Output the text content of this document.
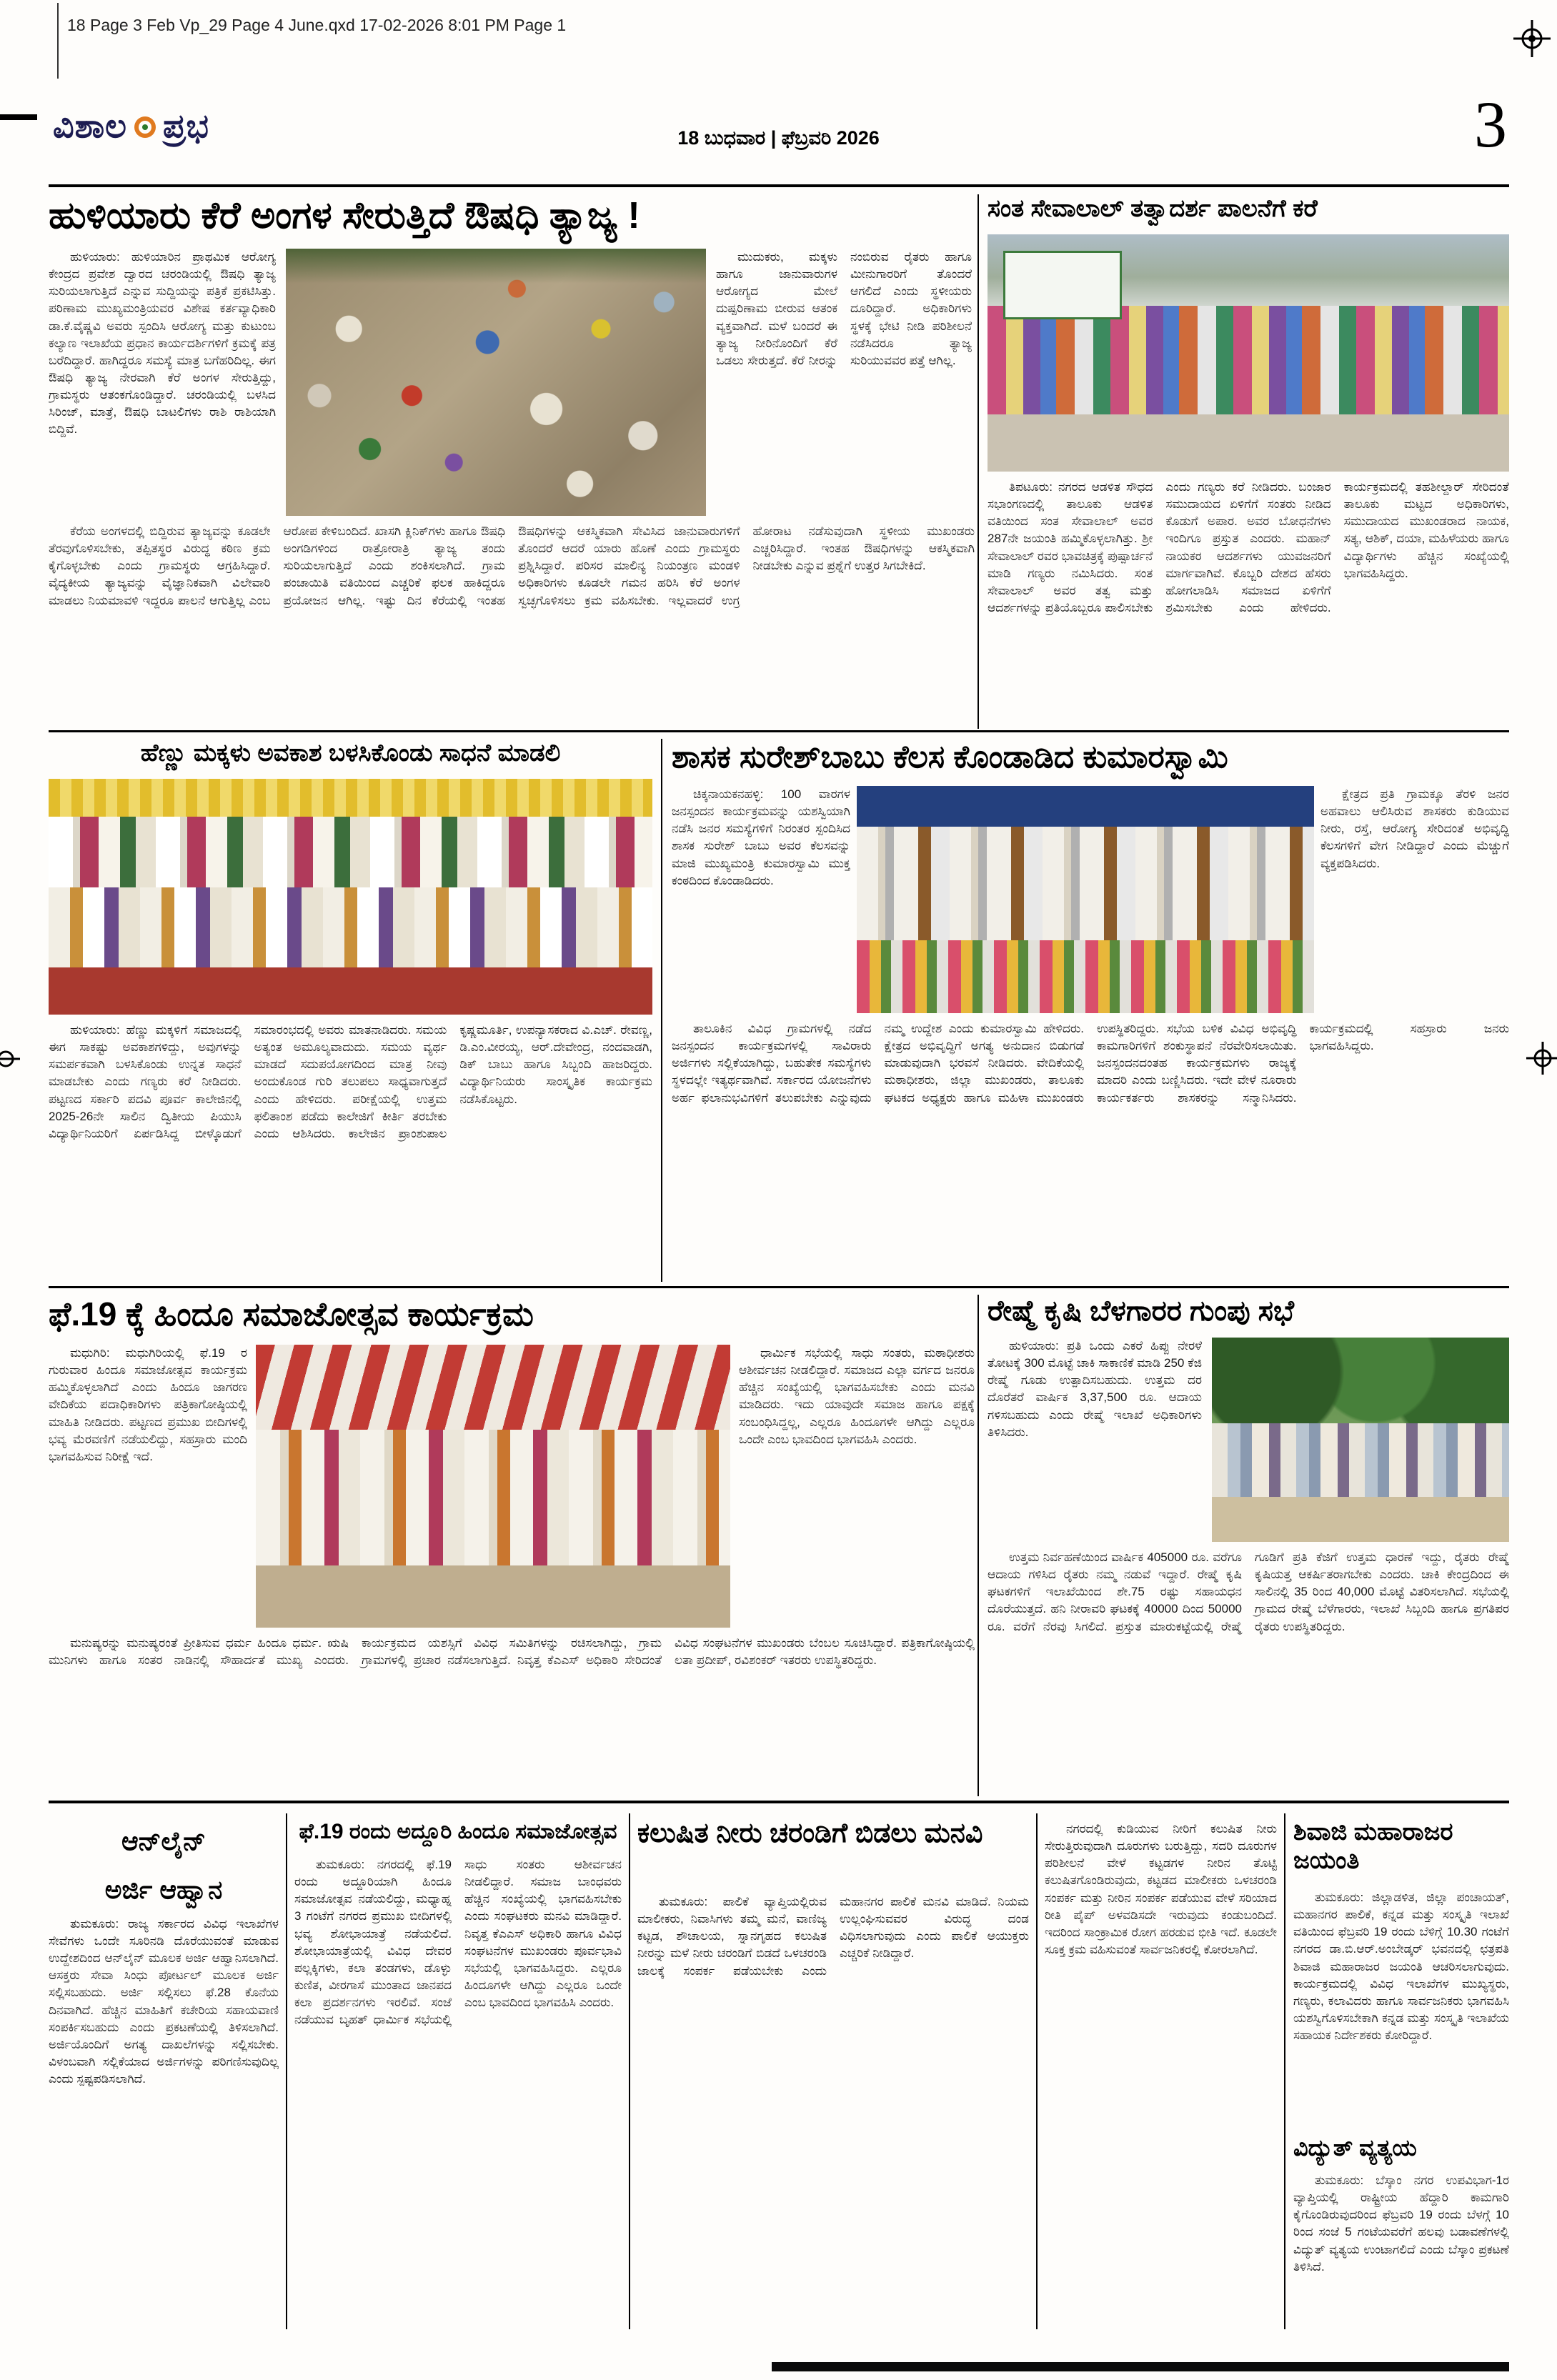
18 Page 3 Feb Vp_29 Page 4 June.qxd 17-02-2026 8:01 PM Page 1
ವಿಶಾಲ ಪ್ರಭ	18 ಬುಧವಾರ | ಫೆಬ್ರವರಿ 2026	3
ಹುಳಿಯಾರು ಕೆರೆ ಅಂಗಳ ಸೇರುತ್ತಿದೆ ಔಷಧಿ ತ್ಯಾಜ್ಯ !
ಹುಳಿಯಾರು: ಹುಳಿಯಾರಿನ ಪ್ರಾಥಮಿಕ ಆರೋಗ್ಯ ಕೇಂದ್ರದ ಪ್ರವೇಶ ದ್ವಾರದ ಚರಂಡಿಯಲ್ಲಿ ಔಷಧಿ ತ್ಯಾಜ್ಯ ಸುರಿಯಲಾಗುತ್ತಿದೆ ಎನ್ನುವ ಸುದ್ದಿಯನ್ನು ಪತ್ರಿಕೆ ಪ್ರಕಟಿಸಿತ್ತು. ಪರಿಣಾಮ ಮುಖ್ಯಮಂತ್ರಿಯವರ ವಿಶೇಷ ಕರ್ತವ್ಯಾಧಿಕಾರಿ ಡಾ.ಕೆ.ವೈಷ್ಣವಿ ಅವರು ಸ್ಪಂದಿಸಿ ಆರೋಗ್ಯ ಮತ್ತು ಕುಟುಂಬ ಕಲ್ಯಾಣ ಇಲಾಖೆಯ ಪ್ರಧಾನ ಕಾರ್ಯದರ್ಶಿಗಳಿಗೆ ಕ್ರಮಕ್ಕೆ ಪತ್ರ ಬರೆದಿದ್ದಾರೆ. ಹಾಗಿದ್ದರೂ ಸಮಸ್ಯೆ ಮಾತ್ರ ಬಗೆಹರಿದಿಲ್ಲ. ಈಗ ಔಷಧಿ ತ್ಯಾಜ್ಯ ನೇರವಾಗಿ ಕೆರೆ ಅಂಗಳ ಸೇರುತ್ತಿದ್ದು, ಗ್ರಾಮಸ್ಥರು ಆತಂಕಗೊಂಡಿದ್ದಾರೆ. ಚರಂಡಿಯಲ್ಲಿ ಬಳಸಿದ ಸಿರಿಂಜ್, ಮಾತ್ರೆ, ಔಷಧಿ ಬಾಟಲಿಗಳು ರಾಶಿ ರಾಶಿಯಾಗಿ ಬಿದ್ದಿವೆ.
ಮುದುಕರು, ಮಕ್ಕಳು ಹಾಗೂ ಜಾನುವಾರುಗಳ ಆರೋಗ್ಯದ ಮೇಲೆ ದುಷ್ಪರಿಣಾಮ ಬೀರುವ ಆತಂಕ ವ್ಯಕ್ತವಾಗಿದೆ. ಮಳೆ ಬಂದರೆ ಈ ತ್ಯಾಜ್ಯ ನೀರಿನೊಂದಿಗೆ ಕೆರೆ ಒಡಲು ಸೇರುತ್ತದೆ. ಕೆರೆ ನೀರನ್ನು ನಂಬಿರುವ ರೈತರು ಹಾಗೂ ಮೀನುಗಾರರಿಗೆ ತೊಂದರೆ ಆಗಲಿದೆ ಎಂದು ಸ್ಥಳೀಯರು ದೂರಿದ್ದಾರೆ. ಅಧಿಕಾರಿಗಳು ಸ್ಥಳಕ್ಕೆ ಭೇಟಿ ನೀಡಿ ಪರಿಶೀಲನೆ ನಡೆಸಿದರೂ ತ್ಯಾಜ್ಯ ಸುರಿಯುವವರ ಪತ್ತೆ ಆಗಿಲ್ಲ.
ಕೆರೆಯ ಅಂಗಳದಲ್ಲಿ ಬಿದ್ದಿರುವ ತ್ಯಾಜ್ಯವನ್ನು ಕೂಡಲೇ ತೆರವುಗೊಳಿಸಬೇಕು, ತಪ್ಪಿತಸ್ಥರ ವಿರುದ್ಧ ಕಠಿಣ ಕ್ರಮ ಕೈಗೊಳ್ಳಬೇಕು ಎಂದು ಗ್ರಾಮಸ್ಥರು ಆಗ್ರಹಿಸಿದ್ದಾರೆ. ವೈದ್ಯಕೀಯ ತ್ಯಾಜ್ಯವನ್ನು ವೈಜ್ಞಾನಿಕವಾಗಿ ವಿಲೇವಾರಿ ಮಾಡಲು ನಿಯಮಾವಳಿ ಇದ್ದರೂ ಪಾಲನೆ ಆಗುತ್ತಿಲ್ಲ ಎಂಬ ಆರೋಪ ಕೇಳಿಬಂದಿದೆ. ಖಾಸಗಿ ಕ್ಲಿನಿಕ್‌ಗಳು ಹಾಗೂ ಔಷಧಿ ಅಂಗಡಿಗಳಿಂದ ರಾತ್ರೋರಾತ್ರಿ ತ್ಯಾಜ್ಯ ತಂದು ಸುರಿಯಲಾಗುತ್ತಿದೆ ಎಂದು ಶಂಕಿಸಲಾಗಿದೆ. ಗ್ರಾಮ ಪಂಚಾಯಿತಿ ವತಿಯಿಂದ ಎಚ್ಚರಿಕೆ ಫಲಕ ಹಾಕಿದ್ದರೂ ಪ್ರಯೋಜನ ಆಗಿಲ್ಲ. ಇಷ್ಟು ದಿನ ಕೆರೆಯಲ್ಲಿ ಇಂತಹ ಔಷಧಿಗಳನ್ನು ಆಕಸ್ಮಿಕವಾಗಿ ಸೇವಿಸಿದ ಜಾನುವಾರುಗಳಿಗೆ ತೊಂದರೆ ಆದರೆ ಯಾರು ಹೊಣೆ ಎಂದು ಗ್ರಾಮಸ್ಥರು ಪ್ರಶ್ನಿಸಿದ್ದಾರೆ. ಪರಿಸರ ಮಾಲಿನ್ಯ ನಿಯಂತ್ರಣ ಮಂಡಳಿ ಅಧಿಕಾರಿಗಳು ಕೂಡಲೇ ಗಮನ ಹರಿಸಿ ಕೆರೆ ಅಂಗಳ ಸ್ವಚ್ಛಗೊಳಿಸಲು ಕ್ರಮ ವಹಿಸಬೇಕು. ಇಲ್ಲವಾದರೆ ಉಗ್ರ ಹೋರಾಟ ನಡೆಸುವುದಾಗಿ ಸ್ಥಳೀಯ ಮುಖಂಡರು ಎಚ್ಚರಿಸಿದ್ದಾರೆ. ಇಂತಹ ಔಷಧಿಗಳನ್ನು ಆಕಸ್ಮಿಕವಾಗಿ ನೀಡಬೇಕು ಎನ್ನುವ ಪ್ರಶ್ನೆಗೆ ಉತ್ತರ ಸಿಗಬೇಕಿದೆ.
ಸಂತ ಸೇವಾಲಾಲ್ ತತ್ವಾದರ್ಶ ಪಾಲನೆಗೆ ಕರೆ
ತಿಪಟೂರು: ನಗರದ ಆಡಳಿತ ಸೌಧದ ಸಭಾಂಗಣದಲ್ಲಿ ತಾಲೂಕು ಆಡಳಿತ ವತಿಯಿಂದ ಸಂತ ಸೇವಾಲಾಲ್ ಅವರ 287ನೇ ಜಯಂತಿ ಹಮ್ಮಿಕೊಳ್ಳಲಾಗಿತ್ತು. ಶ್ರೀ ಸೇವಾಲಾಲ್ ರವರ ಭಾವಚಿತ್ರಕ್ಕೆ ಪುಷ್ಪಾರ್ಚನೆ ಮಾಡಿ ಗಣ್ಯರು ನಮಿಸಿದರು. ಸಂತ ಸೇವಾಲಾಲ್ ಅವರ ತತ್ವ ಮತ್ತು ಆದರ್ಶಗಳನ್ನು ಪ್ರತಿಯೊಬ್ಬರೂ ಪಾಲಿಸಬೇಕು ಎಂದು ಗಣ್ಯರು ಕರೆ ನೀಡಿದರು. ಬಂಜಾರ ಸಮುದಾಯದ ಏಳಿಗೆಗೆ ಸಂತರು ನೀಡಿದ ಕೊಡುಗೆ ಅಪಾರ. ಅವರ ಬೋಧನೆಗಳು ಇಂದಿಗೂ ಪ್ರಸ್ತುತ ಎಂದರು. ಮಹಾನ್ ನಾಯಕರ ಆದರ್ಶಗಳು ಯುವಜನರಿಗೆ ಮಾರ್ಗವಾಗಿವೆ. ಕೊಬ್ಬರಿ ದೇಶದ ಹೆಸರು ಹೋಗಲಾಡಿಸಿ ಸಮಾಜದ ಏಳಿಗೆಗೆ ಶ್ರಮಿಸಬೇಕು ಎಂದು ಹೇಳಿದರು. ಕಾರ್ಯಕ್ರಮದಲ್ಲಿ ತಹಶೀಲ್ದಾರ್ ಸೇರಿದಂತೆ ತಾಲೂಕು ಮಟ್ಟದ ಅಧಿಕಾರಿಗಳು, ಸಮುದಾಯದ ಮುಖಂಡರಾದ ನಾಯಕ, ಸತ್ಯ, ಆಶಿಕ್, ದಯಾ, ಮಹಿಳೆಯರು ಹಾಗೂ ವಿದ್ಯಾರ್ಥಿಗಳು ಹೆಚ್ಚಿನ ಸಂಖ್ಯೆಯಲ್ಲಿ ಭಾಗವಹಿಸಿದ್ದರು.
ಹೆಣ್ಣು ಮಕ್ಕಳು ಅವಕಾಶ ಬಳಸಿಕೊಂಡು ಸಾಧನೆ ಮಾಡಲಿ
ಹುಳಿಯಾರು: ಹೆಣ್ಣು ಮಕ್ಕಳಿಗೆ ಸಮಾಜದಲ್ಲಿ ಈಗ ಸಾಕಷ್ಟು ಅವಕಾಶಗಳಿದ್ದು, ಅವುಗಳನ್ನು ಸಮರ್ಪಕವಾಗಿ ಬಳಸಿಕೊಂಡು ಉನ್ನತ ಸಾಧನೆ ಮಾಡಬೇಕು ಎಂದು ಗಣ್ಯರು ಕರೆ ನೀಡಿದರು. ಪಟ್ಟಣದ ಸರ್ಕಾರಿ ಪದವಿ ಪೂರ್ವ ಕಾಲೇಜಿನಲ್ಲಿ 2025-26ನೇ ಸಾಲಿನ ದ್ವಿತೀಯ ಪಿಯುಸಿ ವಿದ್ಯಾರ್ಥಿನಿಯರಿಗೆ ಏರ್ಪಡಿಸಿದ್ದ ಬೀಳ್ಕೊಡುಗೆ ಸಮಾರಂಭದಲ್ಲಿ ಅವರು ಮಾತನಾಡಿದರು. ಸಮಯ ಅತ್ಯಂತ ಅಮೂಲ್ಯವಾದುದು. ಸಮಯ ವ್ಯರ್ಥ ಮಾಡದೆ ಸದುಪಯೋಗದಿಂದ ಮಾತ್ರ ನೀವು ಅಂದುಕೊಂಡ ಗುರಿ ತಲುಪಲು ಸಾಧ್ಯವಾಗುತ್ತದೆ ಎಂದು ಹೇಳಿದರು. ಪರೀಕ್ಷೆಯಲ್ಲಿ ಉತ್ತಮ ಫಲಿತಾಂಶ ಪಡೆದು ಕಾಲೇಜಿಗೆ ಕೀರ್ತಿ ತರಬೇಕು ಎಂದು ಆಶಿಸಿದರು. ಕಾಲೇಜಿನ ಪ್ರಾಂಶುಪಾಲ ಕೃಷ್ಣಮೂರ್ತಿ, ಉಪನ್ಯಾಸಕರಾದ ವಿ.ಎಚ್. ರೇವಣ್ಣ, ಡಿ.ಎಂ.ವೀರಯ್ಯ, ಆರ್.ದೇವೇಂದ್ರ, ನಂದವಾಡಗಿ, ಡಿಕ್ ಬಾಬು ಹಾಗೂ ಸಿಬ್ಬಂದಿ ಹಾಜರಿದ್ದರು. ವಿದ್ಯಾರ್ಥಿನಿಯರು ಸಾಂಸ್ಕೃತಿಕ ಕಾರ್ಯಕ್ರಮ ನಡೆಸಿಕೊಟ್ಟರು.
ಶಾಸಕ ಸುರೇಶ್‌ಬಾಬು ಕೆಲಸ ಕೊಂಡಾಡಿದ ಕುಮಾರಸ್ವಾಮಿ
ಚಿಕ್ಕನಾಯಕನಹಳ್ಳಿ: 100 ವಾರಗಳ ಜನಸ್ಪಂದನ ಕಾರ್ಯಕ್ರಮವನ್ನು ಯಶಸ್ವಿಯಾಗಿ ನಡೆಸಿ ಜನರ ಸಮಸ್ಯೆಗಳಿಗೆ ನಿರಂತರ ಸ್ಪಂದಿಸಿದ ಶಾಸಕ ಸುರೇಶ್ ಬಾಬು ಅವರ ಕೆಲಸವನ್ನು ಮಾಜಿ ಮುಖ್ಯಮಂತ್ರಿ ಕುಮಾರಸ್ವಾಮಿ ಮುಕ್ತ ಕಂಠದಿಂದ ಕೊಂಡಾಡಿದರು.
ಕ್ಷೇತ್ರದ ಪ್ರತಿ ಗ್ರಾಮಕ್ಕೂ ತೆರಳಿ ಜನರ ಅಹವಾಲು ಆಲಿಸಿರುವ ಶಾಸಕರು ಕುಡಿಯುವ ನೀರು, ರಸ್ತೆ, ಆರೋಗ್ಯ ಸೇರಿದಂತೆ ಅಭಿವೃದ್ಧಿ ಕೆಲಸಗಳಿಗೆ ವೇಗ ನೀಡಿದ್ದಾರೆ ಎಂದು ಮೆಚ್ಚುಗೆ ವ್ಯಕ್ತಪಡಿಸಿದರು.
ತಾಲೂಕಿನ ವಿವಿಧ ಗ್ರಾಮಗಳಲ್ಲಿ ನಡೆದ ಜನಸ್ಪಂದನ ಕಾರ್ಯಕ್ರಮಗಳಲ್ಲಿ ಸಾವಿರಾರು ಅರ್ಜಿಗಳು ಸಲ್ಲಿಕೆಯಾಗಿದ್ದು, ಬಹುತೇಕ ಸಮಸ್ಯೆಗಳು ಸ್ಥಳದಲ್ಲೇ ಇತ್ಯರ್ಥವಾಗಿವೆ. ಸರ್ಕಾರದ ಯೋಜನೆಗಳು ಅರ್ಹ ಫಲಾನುಭವಿಗಳಿಗೆ ತಲುಪಬೇಕು ಎನ್ನುವುದು ನಮ್ಮ ಉದ್ದೇಶ ಎಂದು ಕುಮಾರಸ್ವಾಮಿ ಹೇಳಿದರು. ಕ್ಷೇತ್ರದ ಅಭಿವೃದ್ಧಿಗೆ ಅಗತ್ಯ ಅನುದಾನ ಬಿಡುಗಡೆ ಮಾಡುವುದಾಗಿ ಭರವಸೆ ನೀಡಿದರು. ವೇದಿಕೆಯಲ್ಲಿ ಮಠಾಧೀಶರು, ಜಿಲ್ಲಾ ಮುಖಂಡರು, ತಾಲೂಕು ಘಟಕದ ಅಧ್ಯಕ್ಷರು ಹಾಗೂ ಮಹಿಳಾ ಮುಖಂಡರು ಉಪಸ್ಥಿತರಿದ್ದರು. ಸಭೆಯ ಬಳಿಕ ವಿವಿಧ ಅಭಿವೃದ್ಧಿ ಕಾಮಗಾರಿಗಳಿಗೆ ಶಂಕುಸ್ಥಾಪನೆ ನೆರವೇರಿಸಲಾಯಿತು. ಜನಸ್ಪಂದನದಂತಹ ಕಾರ್ಯಕ್ರಮಗಳು ರಾಜ್ಯಕ್ಕೆ ಮಾದರಿ ಎಂದು ಬಣ್ಣಿಸಿದರು. ಇದೇ ವೇಳೆ ನೂರಾರು ಕಾರ್ಯಕರ್ತರು ಶಾಸಕರನ್ನು ಸನ್ಮಾನಿಸಿದರು. ಕಾರ್ಯಕ್ರಮದಲ್ಲಿ ಸಹಸ್ರಾರು ಜನರು ಭಾಗವಹಿಸಿದ್ದರು.
ಫೆ.19 ಕ್ಕೆ ಹಿಂದೂ ಸಮಾಜೋತ್ಸವ ಕಾರ್ಯಕ್ರಮ
ಮಧುಗಿರಿ: ಮಧುಗಿರಿಯಲ್ಲಿ ಫೆ.19 ರ ಗುರುವಾರ ಹಿಂದೂ ಸಮಾಜೋತ್ಸವ ಕಾರ್ಯಕ್ರಮ ಹಮ್ಮಿಕೊಳ್ಳಲಾಗಿದೆ ಎಂದು ಹಿಂದೂ ಜಾಗರಣ ವೇದಿಕೆಯ ಪದಾಧಿಕಾರಿಗಳು ಪತ್ರಿಕಾಗೋಷ್ಠಿಯಲ್ಲಿ ಮಾಹಿತಿ ನೀಡಿದರು. ಪಟ್ಟಣದ ಪ್ರಮುಖ ಬೀದಿಗಳಲ್ಲಿ ಭವ್ಯ ಮೆರವಣಿಗೆ ನಡೆಯಲಿದ್ದು, ಸಹಸ್ರಾರು ಮಂದಿ ಭಾಗವಹಿಸುವ ನಿರೀಕ್ಷೆ ಇದೆ.
ಧಾರ್ಮಿಕ ಸಭೆಯಲ್ಲಿ ಸಾಧು ಸಂತರು, ಮಠಾಧೀಶರು ಆಶೀರ್ವಚನ ನೀಡಲಿದ್ದಾರೆ. ಸಮಾಜದ ಎಲ್ಲಾ ವರ್ಗದ ಜನರೂ ಹೆಚ್ಚಿನ ಸಂಖ್ಯೆಯಲ್ಲಿ ಭಾಗವಹಿಸಬೇಕು ಎಂದು ಮನವಿ ಮಾಡಿದರು. ಇದು ಯಾವುದೇ ಸಮಾಜ ಹಾಗೂ ಪಕ್ಷಕ್ಕೆ ಸಂಬಂಧಿಸಿದ್ದಲ್ಲ, ಎಲ್ಲರೂ ಹಿಂದೂಗಳೇ ಆಗಿದ್ದು ಎಲ್ಲರೂ ಒಂದೇ ಎಂಬ ಭಾವದಿಂದ ಭಾಗವಹಿಸಿ ಎಂದರು.
ಮನುಷ್ಯರನ್ನು ಮನುಷ್ಯರಂತೆ ಪ್ರೀತಿಸುವ ಧರ್ಮ ಹಿಂದೂ ಧರ್ಮ. ಋಷಿ ಮುನಿಗಳು ಹಾಗೂ ಸಂತರ ನಾಡಿನಲ್ಲಿ ಸೌಹಾರ್ದತೆ ಮುಖ್ಯ ಎಂದರು. ಕಾರ್ಯಕ್ರಮದ ಯಶಸ್ಸಿಗೆ ವಿವಿಧ ಸಮಿತಿಗಳನ್ನು ರಚಿಸಲಾಗಿದ್ದು, ಗ್ರಾಮ ಗ್ರಾಮಗಳಲ್ಲಿ ಪ್ರಚಾರ ನಡೆಸಲಾಗುತ್ತಿದೆ. ನಿವೃತ್ತ ಕೆಎಎಸ್ ಅಧಿಕಾರಿ ಸೇರಿದಂತೆ ವಿವಿಧ ಸಂಘಟನೆಗಳ ಮುಖಂಡರು ಬೆಂಬಲ ಸೂಚಿಸಿದ್ದಾರೆ. ಪತ್ರಿಕಾಗೋಷ್ಠಿಯಲ್ಲಿ ಲತಾ ಪ್ರದೀಪ್, ರವಿಶಂಕರ್ ಇತರರು ಉಪಸ್ಥಿತರಿದ್ದರು.
ರೇಷ್ಮೆ ಕೃಷಿ ಬೆಳಗಾರರ ಗುಂಪು ಸಭೆ
ಹುಳಿಯಾರು: ಪ್ರತಿ ಒಂದು ಎಕರೆ ಹಿಪ್ಪು ನೇರಳೆ ತೋಟಕ್ಕೆ 300 ಮೊಟ್ಟೆ ಚಾಕಿ ಸಾಕಾಣಿಕೆ ಮಾಡಿ 250 ಕೆಜಿ ರೇಷ್ಮೆ ಗೂಡು ಉತ್ಪಾದಿಸಬಹುದು. ಉತ್ತಮ ದರ ದೊರೆತರೆ ವಾರ್ಷಿಕ 3,37,500 ರೂ. ಆದಾಯ ಗಳಿಸಬಹುದು ಎಂದು ರೇಷ್ಮೆ ಇಲಾಖೆ ಅಧಿಕಾರಿಗಳು ತಿಳಿಸಿದರು.
ಉತ್ತಮ ನಿರ್ವಹಣೆಯಿಂದ ವಾರ್ಷಿಕ 405000 ರೂ. ವರೆಗೂ ಆದಾಯ ಗಳಿಸಿದ ರೈತರು ನಮ್ಮ ನಡುವೆ ಇದ್ದಾರೆ. ರೇಷ್ಮೆ ಕೃಷಿ ಘಟಕಗಳಿಗೆ ಇಲಾಖೆಯಿಂದ ಶೇ.75 ರಷ್ಟು ಸಹಾಯಧನ ದೊರೆಯುತ್ತದೆ. ಹನಿ ನೀರಾವರಿ ಘಟಕಕ್ಕೆ 40000 ದಿಂದ 50000 ರೂ. ವರೆಗೆ ನೆರವು ಸಿಗಲಿದೆ. ಪ್ರಸ್ತುತ ಮಾರುಕಟ್ಟೆಯಲ್ಲಿ ರೇಷ್ಮೆ ಗೂಡಿಗೆ ಪ್ರತಿ ಕೆಜಿಗೆ ಉತ್ತಮ ಧಾರಣೆ ಇದ್ದು, ರೈತರು ರೇಷ್ಮೆ ಕೃಷಿಯತ್ತ ಆಕರ್ಷಿತರಾಗಬೇಕು ಎಂದರು. ಚಾಕಿ ಕೇಂದ್ರದಿಂದ ಈ ಸಾಲಿನಲ್ಲಿ 35 ರಿಂದ 40,000 ಮೊಟ್ಟೆ ವಿತರಿಸಲಾಗಿದೆ. ಸಭೆಯಲ್ಲಿ ಗ್ರಾಮದ ರೇಷ್ಮೆ ಬೆಳೆಗಾರರು, ಇಲಾಖೆ ಸಿಬ್ಬಂದಿ ಹಾಗೂ ಪ್ರಗತಿಪರ ರೈತರು ಉಪಸ್ಥಿತರಿದ್ದರು.
ಆನ್‌ಲೈನ್
ಅರ್ಜಿ ಆಹ್ವಾನ
ತುಮಕೂರು: ರಾಜ್ಯ ಸರ್ಕಾರದ ವಿವಿಧ ಇಲಾಖೆಗಳ ಸೇವೆಗಳು ಒಂದೇ ಸೂರಿನಡಿ ದೊರೆಯುವಂತೆ ಮಾಡುವ ಉದ್ದೇಶದಿಂದ ಆನ್‌ಲೈನ್ ಮೂಲಕ ಅರ್ಜಿ ಆಹ್ವಾನಿಸಲಾಗಿದೆ. ಆಸಕ್ತರು ಸೇವಾ ಸಿಂಧು ಪೋರ್ಟಲ್ ಮೂಲಕ ಅರ್ಜಿ ಸಲ್ಲಿಸಬಹುದು. ಅರ್ಜಿ ಸಲ್ಲಿಸಲು ಫೆ.28 ಕೊನೆಯ ದಿನವಾಗಿದೆ. ಹೆಚ್ಚಿನ ಮಾಹಿತಿಗೆ ಕಚೇರಿಯ ಸಹಾಯವಾಣಿ ಸಂಪರ್ಕಿಸಬಹುದು ಎಂದು ಪ್ರಕಟಣೆಯಲ್ಲಿ ತಿಳಿಸಲಾಗಿದೆ. ಅರ್ಜಿಯೊಂದಿಗೆ ಅಗತ್ಯ ದಾಖಲೆಗಳನ್ನು ಸಲ್ಲಿಸಬೇಕು. ವಿಳಂಬವಾಗಿ ಸಲ್ಲಿಕೆಯಾದ ಅರ್ಜಿಗಳನ್ನು ಪರಿಗಣಿಸುವುದಿಲ್ಲ ಎಂದು ಸ್ಪಷ್ಟಪಡಿಸಲಾಗಿದೆ.
ಫೆ.19 ರಂದು ಅದ್ದೂರಿ ಹಿಂದೂ ಸಮಾಜೋತ್ಸವ
ತುಮಕೂರು: ನಗರದಲ್ಲಿ ಫೆ.19 ರಂದು ಅದ್ದೂರಿಯಾಗಿ ಹಿಂದೂ ಸಮಾಜೋತ್ಸವ ನಡೆಯಲಿದ್ದು, ಮಧ್ಯಾಹ್ನ 3 ಗಂಟೆಗೆ ನಗರದ ಪ್ರಮುಖ ಬೀದಿಗಳಲ್ಲಿ ಭವ್ಯ ಶೋಭಾಯಾತ್ರೆ ನಡೆಯಲಿದೆ. ಶೋಭಾಯಾತ್ರೆಯಲ್ಲಿ ವಿವಿಧ ದೇವರ ಪಲ್ಲಕ್ಕಿಗಳು, ಕಲಾ ತಂಡಗಳು, ಡೊಳ್ಳು ಕುಣಿತ, ವೀರಗಾಸೆ ಮುಂತಾದ ಜಾನಪದ ಕಲಾ ಪ್ರದರ್ಶನಗಳು ಇರಲಿವೆ. ಸಂಜೆ ನಡೆಯುವ ಬೃಹತ್ ಧಾರ್ಮಿಕ ಸಭೆಯಲ್ಲಿ ಸಾಧು ಸಂತರು ಆಶೀರ್ವಚನ ನೀಡಲಿದ್ದಾರೆ. ಸಮಾಜ ಬಾಂಧವರು ಹೆಚ್ಚಿನ ಸಂಖ್ಯೆಯಲ್ಲಿ ಭಾಗವಹಿಸಬೇಕು ಎಂದು ಸಂಘಟಕರು ಮನವಿ ಮಾಡಿದ್ದಾರೆ. ನಿವೃತ್ತ ಕೆಎಎಸ್ ಅಧಿಕಾರಿ ಹಾಗೂ ವಿವಿಧ ಸಂಘಟನೆಗಳ ಮುಖಂಡರು ಪೂರ್ವಭಾವಿ ಸಭೆಯಲ್ಲಿ ಭಾಗವಹಿಸಿದ್ದರು. ಎಲ್ಲರೂ ಹಿಂದೂಗಳೇ ಆಗಿದ್ದು ಎಲ್ಲರೂ ಒಂದೇ ಎಂಬ ಭಾವದಿಂದ ಭಾಗವಹಿಸಿ ಎಂದರು.
ಕಲುಷಿತ ನೀರು ಚರಂಡಿಗೆ ಬಿಡಲು ಮನವಿ
ತುಮಕೂರು: ಪಾಲಿಕೆ ವ್ಯಾಪ್ತಿಯಲ್ಲಿರುವ ಮಾಲೀಕರು, ನಿವಾಸಿಗಳು ತಮ್ಮ ಮನೆ, ವಾಣಿಜ್ಯ ಕಟ್ಟಡ, ಶೌಚಾಲಯ, ಸ್ನಾನಗೃಹದ ಕಲುಷಿತ ನೀರನ್ನು ಮಳೆ ನೀರು ಚರಂಡಿಗೆ ಬಿಡದೆ ಒಳಚರಂಡಿ ಜಾಲಕ್ಕೆ ಸಂಪರ್ಕ ಪಡೆಯಬೇಕು ಎಂದು ಮಹಾನಗರ ಪಾಲಿಕೆ ಮನವಿ ಮಾಡಿದೆ. ನಿಯಮ ಉಲ್ಲಂಘಿಸುವವರ ವಿರುದ್ಧ ದಂಡ ವಿಧಿಸಲಾಗುವುದು ಎಂದು ಪಾಲಿಕೆ ಆಯುಕ್ತರು ಎಚ್ಚರಿಕೆ ನೀಡಿದ್ದಾರೆ.
ನಗರದಲ್ಲಿ ಕುಡಿಯುವ ನೀರಿಗೆ ಕಲುಷಿತ ನೀರು ಸೇರುತ್ತಿರುವುದಾಗಿ ದೂರುಗಳು ಬರುತ್ತಿದ್ದು, ಸದರಿ ದೂರುಗಳ ಪರಿಶೀಲನೆ ವೇಳೆ ಕಟ್ಟಡಗಳ ನೀರಿನ ತೊಟ್ಟಿ ಕಲುಷಿತಗೊಂಡಿರುವುದು, ಕಟ್ಟಡದ ಮಾಲೀಕರು ಒಳಚರಂಡಿ ಸಂಪರ್ಕ ಮತ್ತು ನೀರಿನ ಸಂಪರ್ಕ ಪಡೆಯುವ ವೇಳೆ ಸರಿಯಾದ ರೀತಿ ಪೈಪ್ ಅಳವಡಿಸದೇ ಇರುವುದು ಕಂಡುಬಂದಿದೆ. ಇದರಿಂದ ಸಾಂಕ್ರಾಮಿಕ ರೋಗ ಹರಡುವ ಭೀತಿ ಇದೆ. ಕೂಡಲೇ ಸೂಕ್ತ ಕ್ರಮ ವಹಿಸುವಂತೆ ಸಾರ್ವಜನಿಕರಲ್ಲಿ ಕೋರಲಾಗಿದೆ.
ಶಿವಾಜಿ ಮಹಾರಾಜರ ಜಯಂತಿ
ತುಮಕೂರು: ಜಿಲ್ಲಾಡಳಿತ, ಜಿಲ್ಲಾ ಪಂಚಾಯತ್, ಮಹಾನಗರ ಪಾಲಿಕೆ, ಕನ್ನಡ ಮತ್ತು ಸಂಸ್ಕೃತಿ ಇಲಾಖೆ ವತಿಯಿಂದ ಫೆಬ್ರವರಿ 19 ರಂದು ಬೆಳಿಗ್ಗೆ 10.30 ಗಂಟೆಗೆ ನಗರದ ಡಾ.ಬಿ.ಆರ್.ಅಂಬೇಡ್ಕರ್ ಭವನದಲ್ಲಿ ಛತ್ರಪತಿ ಶಿವಾಜಿ ಮಹಾರಾಜರ ಜಯಂತಿ ಆಚರಿಸಲಾಗುವುದು. ಕಾರ್ಯಕ್ರಮದಲ್ಲಿ ವಿವಿಧ ಇಲಾಖೆಗಳ ಮುಖ್ಯಸ್ಥರು, ಗಣ್ಯರು, ಕಲಾವಿದರು ಹಾಗೂ ಸಾರ್ವಜನಿಕರು ಭಾಗವಹಿಸಿ ಯಶಸ್ವಿಗೊಳಿಸಬೇಕಾಗಿ ಕನ್ನಡ ಮತ್ತು ಸಂಸ್ಕೃತಿ ಇಲಾಖೆಯ ಸಹಾಯಕ ನಿರ್ದೇಶಕರು ಕೋರಿದ್ದಾರೆ.
ವಿದ್ಯುತ್ ವ್ಯತ್ಯಯ
ತುಮಕೂರು: ಬೆಸ್ಕಾಂ ನಗರ ಉಪವಿಭಾಗ-1ರ ವ್ಯಾಪ್ತಿಯಲ್ಲಿ ರಾಷ್ಟ್ರೀಯ ಹೆದ್ದಾರಿ ಕಾಮಗಾರಿ ಕೈಗೊಂಡಿರುವುದರಿಂದ ಫೆಬ್ರವರಿ 19 ರಂದು ಬೆಳಗ್ಗೆ 10 ರಿಂದ ಸಂಜೆ 5 ಗಂಟೆಯವರೆಗೆ ಹಲವು ಬಡಾವಣೆಗಳಲ್ಲಿ ವಿದ್ಯುತ್ ವ್ಯತ್ಯಯ ಉಂಟಾಗಲಿದೆ ಎಂದು ಬೆಸ್ಕಾಂ ಪ್ರಕಟಣೆ ತಿಳಿಸಿದೆ.
